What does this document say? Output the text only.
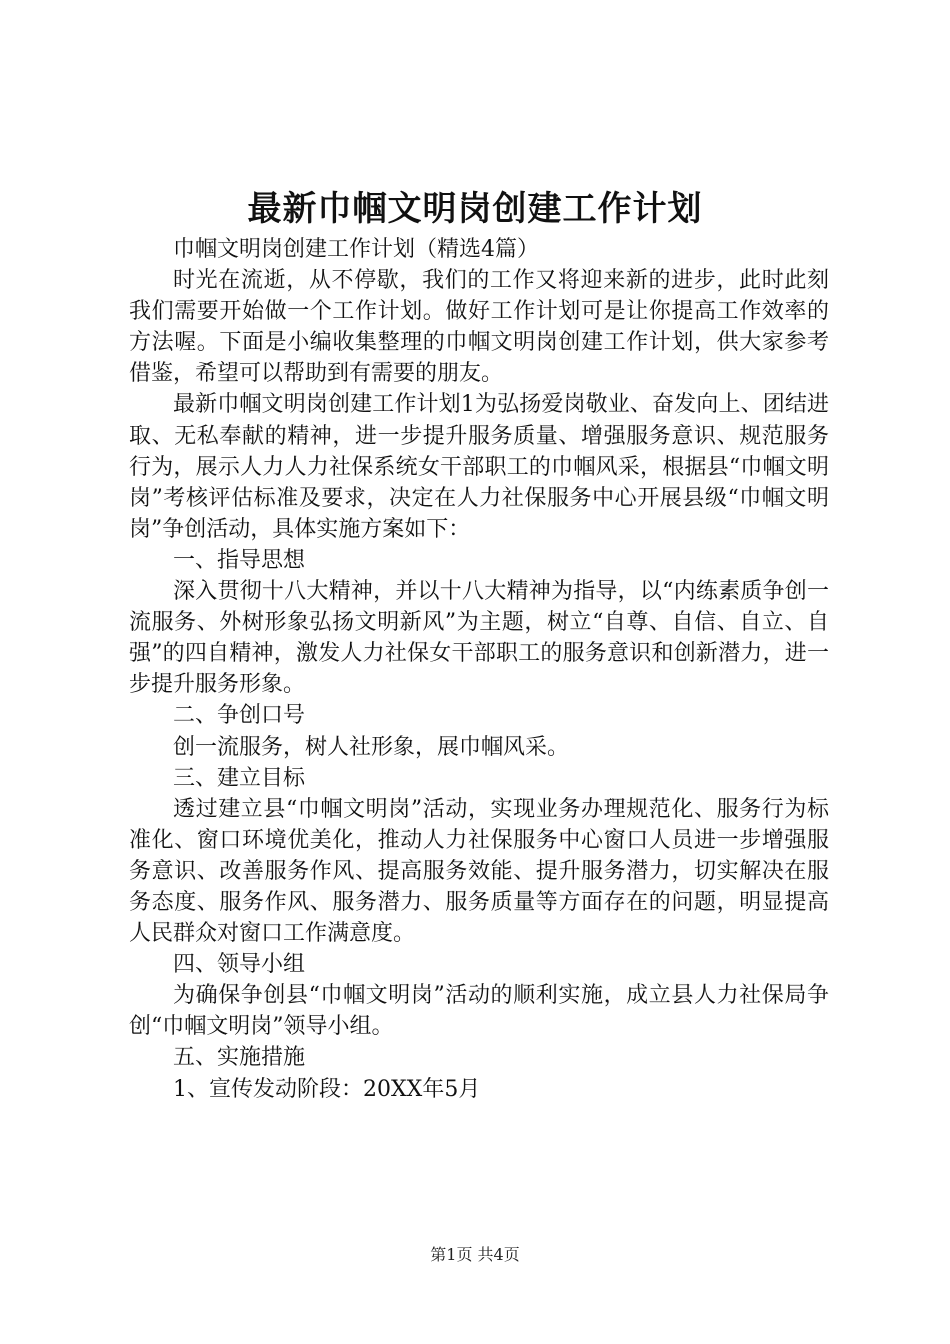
最新巾帼文明岗创建工作计划

巾帼文明岗创建工作计划（精选4篇）

时光在流逝，从不停歇，我们的工作又将迎来新的进步，此时此刻我们需要开始做一个工作计划。做好工作计划可是让你提高工作效率的方法喔。下面是小编收集整理的巾帼文明岗创建工作计划，供大家参考借鉴，希望可以帮助到有需要的朋友。

最新巾帼文明岗创建工作计划1为弘扬爱岗敬业、奋发向上、团结进取、无私奉献的精神，进一步提升服务质量、增强服务意识、规范服务行为，展示人力人力社保系统女干部职工的巾帼风采，根据县“巾帼文明岗”考核评估标准及要求，决定在人力社保服务中心开展县级“巾帼文明岗”争创活动，具体实施方案如下：

一、指导思想

深入贯彻十八大精神，并以十八大精神为指导，以“内练素质争创一流服务、外树形象弘扬文明新风”为主题，树立“自尊、自信、自立、自强”的四自精神，激发人力社保女干部职工的服务意识和创新潜力，进一步提升服务形象。

二、争创口号

创一流服务，树人社形象，展巾帼风采。

三、建立目标

透过建立县“巾帼文明岗”活动，实现业务办理规范化、服务行为标准化、窗口环境优美化，推动人力社保服务中心窗口人员进一步增强服务意识、改善服务作风、提高服务效能、提升服务潜力，切实解决在服务态度、服务作风、服务潜力、服务质量等方面存在的问题，明显提高人民群众对窗口工作满意度。

四、领导小组

为确保争创县“巾帼文明岗”活动的顺利实施，成立县人力社保局争创“巾帼文明岗”领导小组。

五、实施措施

1、宣传发动阶段：20XX年5月

第1页 共4页
